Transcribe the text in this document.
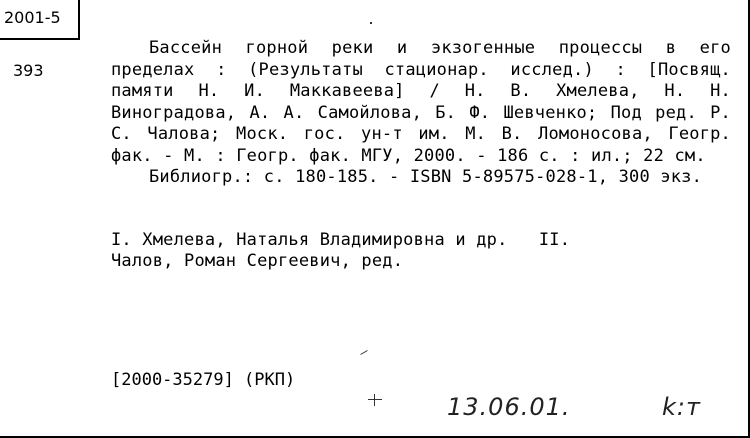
2001-5
393

Бассейн горной реки и экзогенные процессы в его пределах : (Результаты стационар. исслед.) : [Посвящ. памяти Н. И. Маккавеева] / Н. В. Хмелева, Н. Н. Виноградова, А. А. Самойлова, Б. Ф. Шевченко; Под ред. Р. С. Чалова; Моск. гос. ун-т им. М. В. Ломоносова, Геогр. фак. - М. : Геогр. фак. МГУ, 2000. - 186 с. : ил.; 22 см.

Библиогр.: с. 180-185. - ISBN 5-89575-028-1, 300 экз.

I. Хмелева, Наталья Владимировна и др.   II.
Чалов, Роман Сергеевич, ред.
[2000-35279] (РКП)
13.06.01.	k:т
